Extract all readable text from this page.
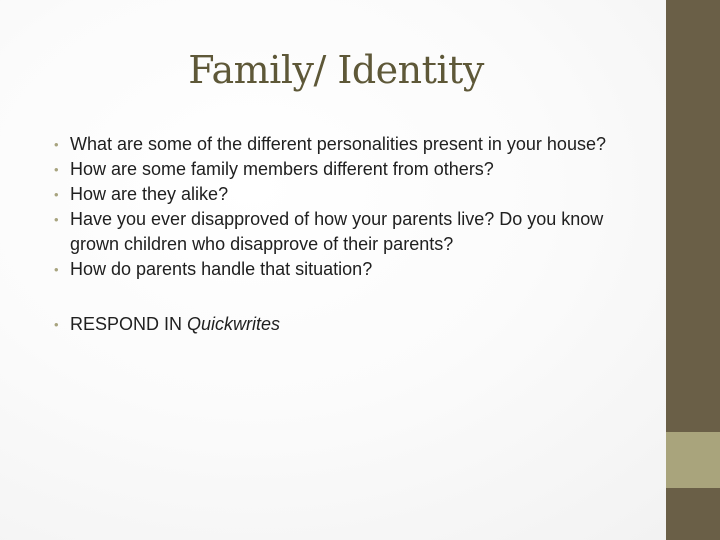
Family/ Identity
• What are some of the different personalities present in your house?
• How are some family members different from others?
• How are they alike?
• Have you ever disapproved of how your parents live? Do you know grown children who disapprove of their parents?
• How do parents handle that situation?
• RESPOND IN Quickwrites
